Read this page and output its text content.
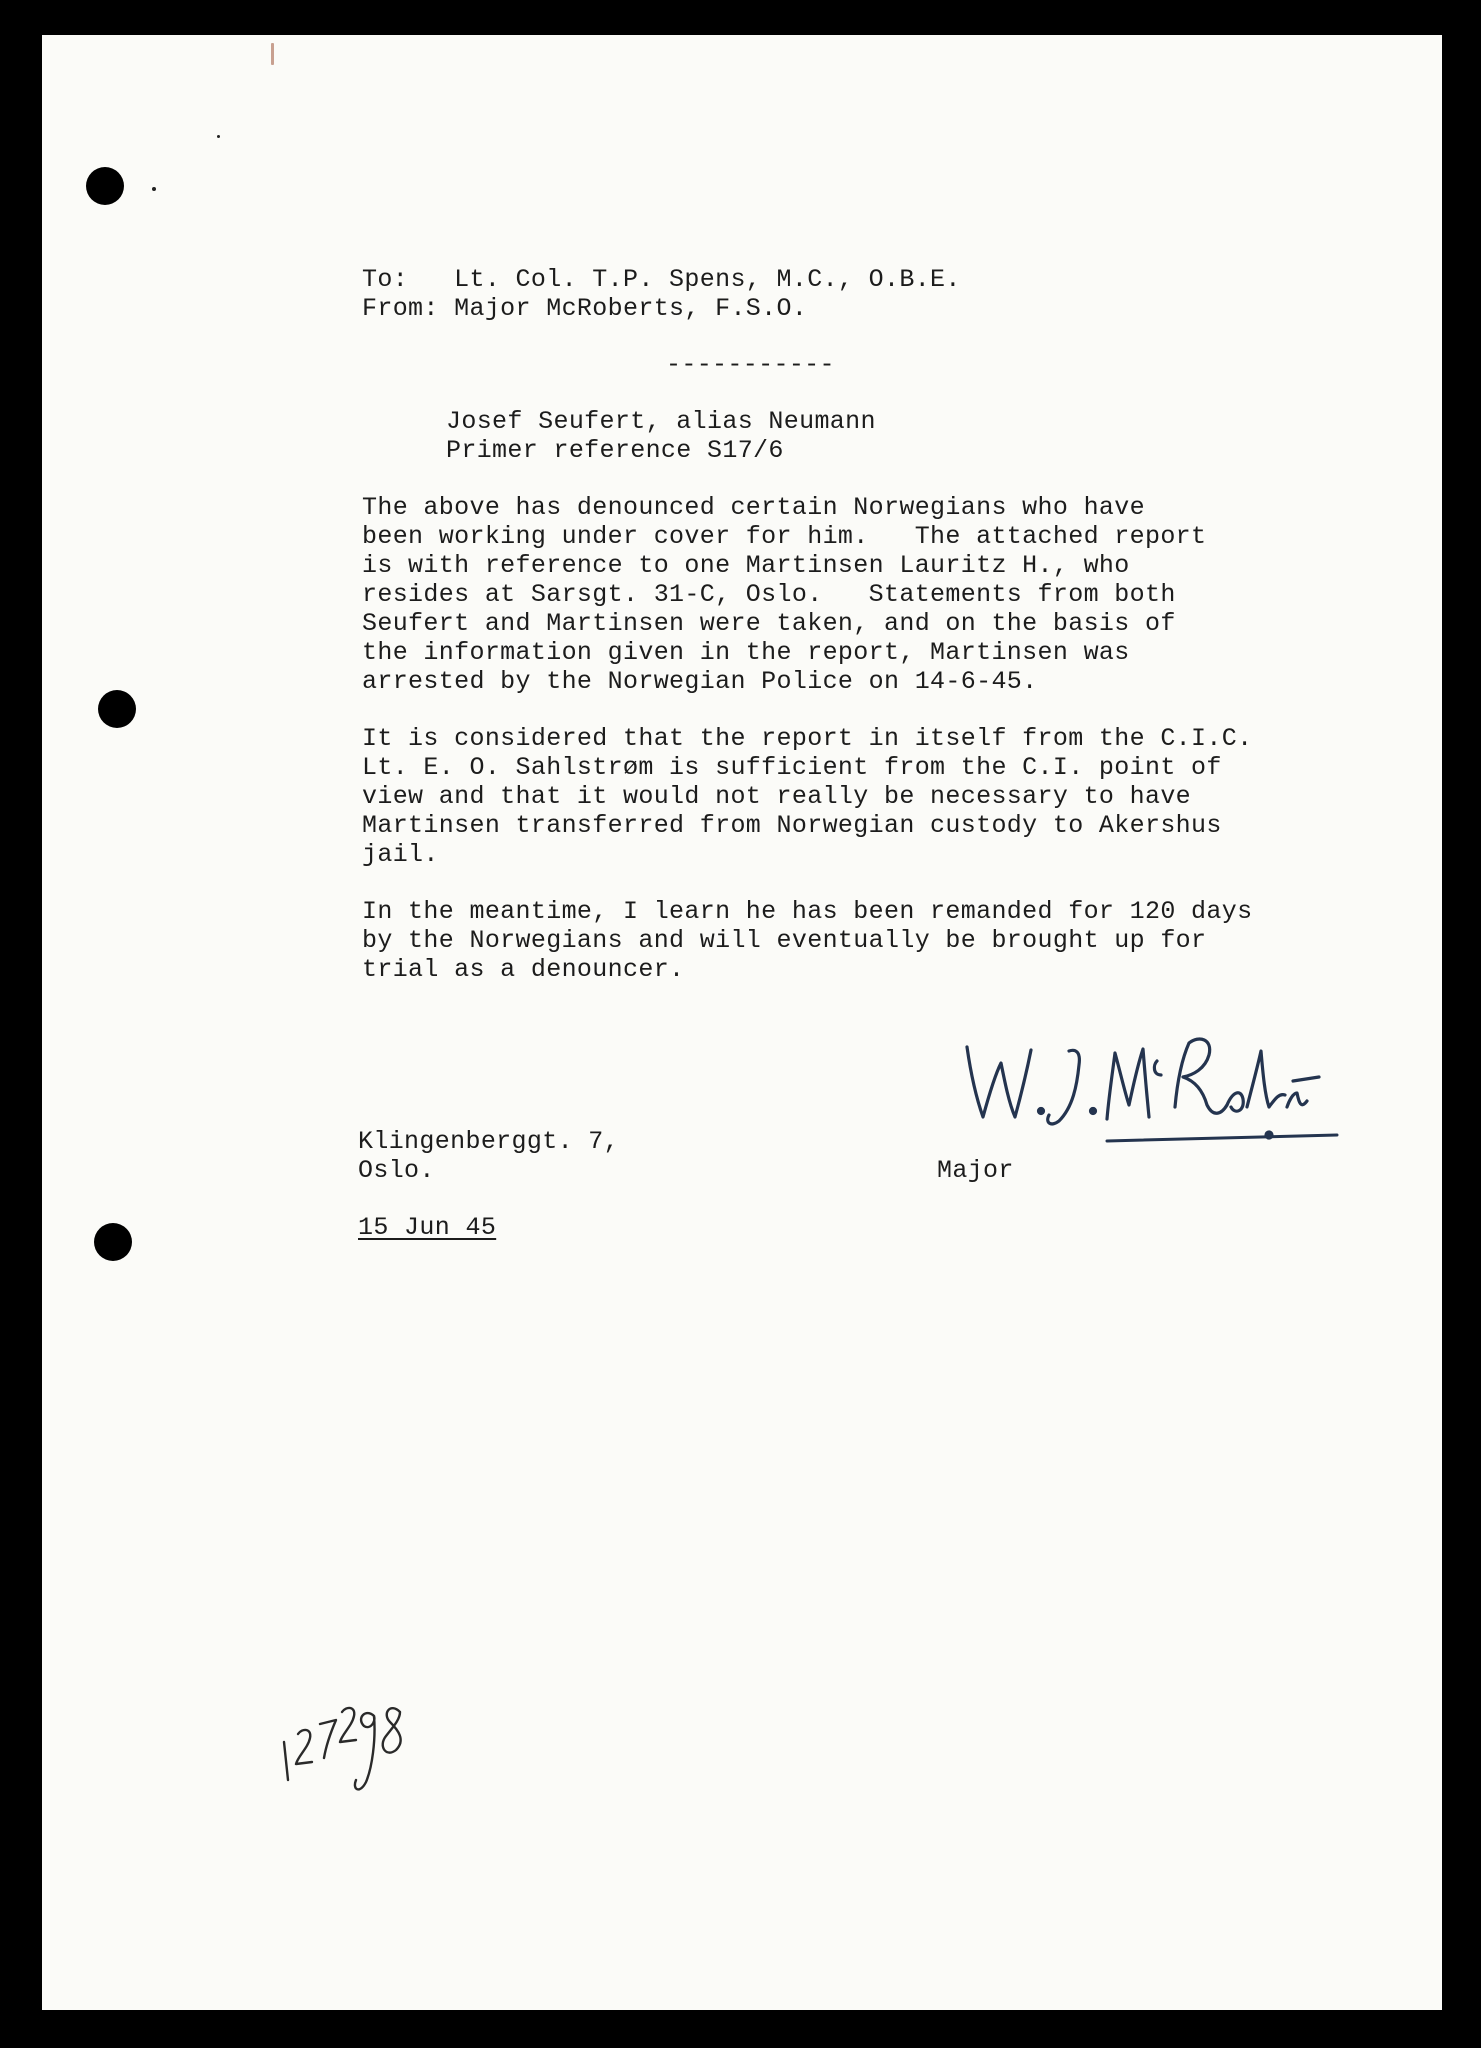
To:   Lt. Col. T.P. Spens, M.C., O.B.E.

From: Major McRoberts, F.S.O.

-----------

Josef Seufert, alias Neumann

Primer reference S17/6

The above has denounced certain Norwegians who have

been working under cover for him.   The attached report

is with reference to one Martinsen Lauritz H., who

resides at Sarsgt. 31-C, Oslo.   Statements from both

Seufert and Martinsen were taken, and on the basis of

the information given in the report, Martinsen was

arrested by the Norwegian Police on 14-6-45.

It is considered that the report in itself from the C.I.C.

Lt. E. O. Sahlstrøm is sufficient from the C.I. point of

view and that it would not really be necessary to have

Martinsen transferred from Norwegian custody to Akershus

jail.

In the meantime, I learn he has been remanded for 120 days

by the Norwegians and will eventually be brought up for

trial as a denouncer.

W. J. McRoberts

Klingenberggt. 7,

Oslo.	Major

15 Jun 45

1272 G8
